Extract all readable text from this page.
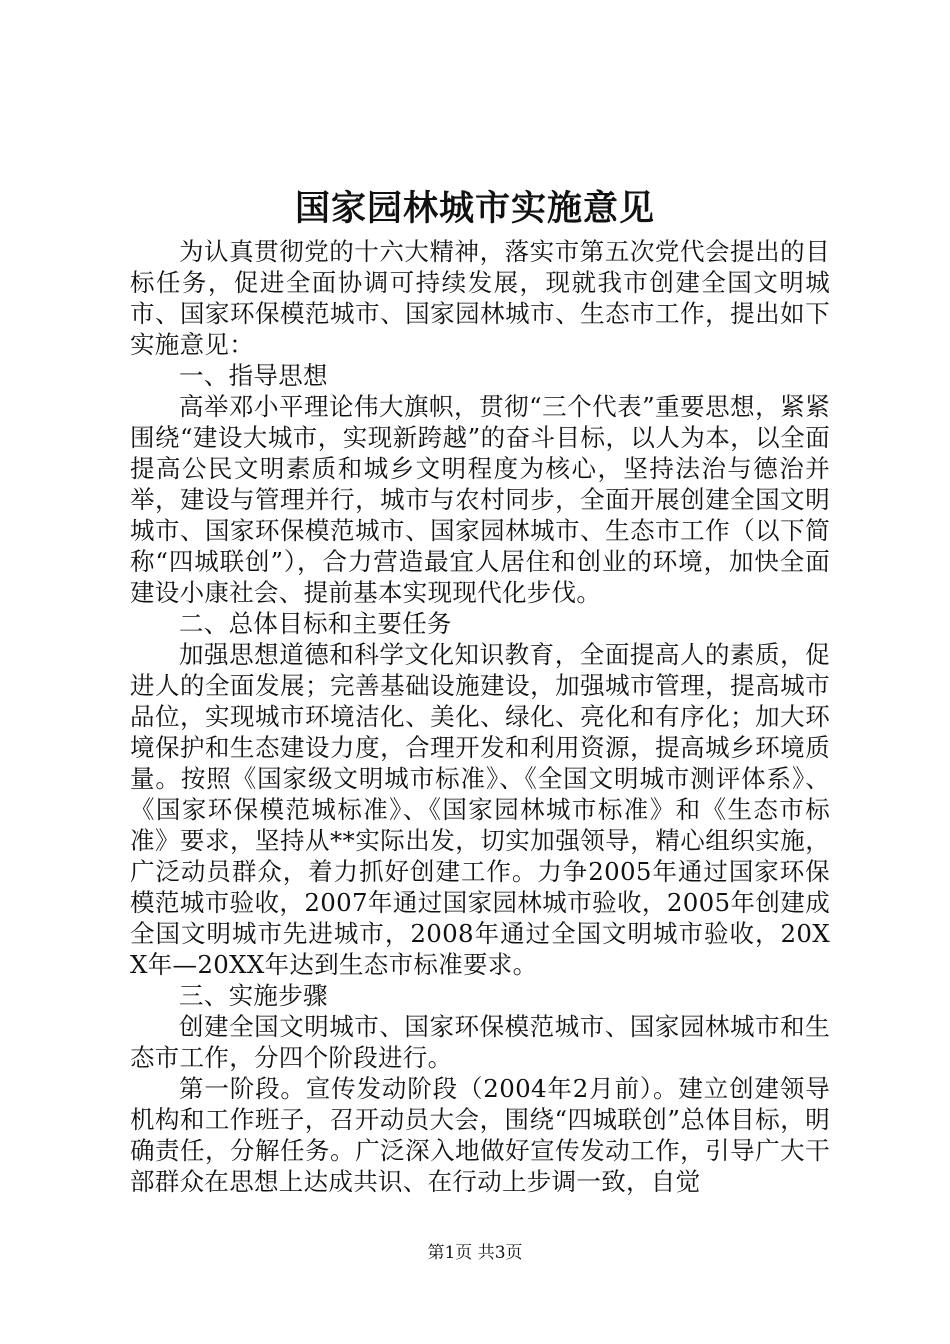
国家园林城市实施意见

为认真贯彻党的十六大精神，落实市第五次党代会提出的目标任务，促进全面协调可持续发展，现就我市创建全国文明城市、国家环保模范城市、国家园林城市、生态市工作，提出如下实施意见：

一、指导思想

高举邓小平理论伟大旗帜，贯彻“三个代表”重要思想，紧紧围绕“建设大城市，实现新跨越”的奋斗目标，以人为本，以全面提高公民文明素质和城乡文明程度为核心，坚持法治与德治并举，建设与管理并行，城市与农村同步，全面开展创建全国文明城市、国家环保模范城市、国家园林城市、生态市工作（以下简称“四城联创”），合力营造最宜人居住和创业的环境，加快全面建设小康社会、提前基本实现现代化步伐。

二、总体目标和主要任务

加强思想道德和科学文化知识教育，全面提高人的素质，促进人的全面发展；完善基础设施建设，加强城市管理，提高城市品位，实现城市环境洁化、美化、绿化、亮化和有序化；加大环境保护和生态建设力度，合理开发和利用资源，提高城乡环境质量。按照《国家级文明城市标准》、《全国文明城市测评体系》、《国家环保模范城标准》、《国家园林城市标准》和《生态市标准》要求，坚持从**实际出发，切实加强领导，精心组织实施，广泛动员群众，着力抓好创建工作。力争2005年通过国家环保模范城市验收，2007年通过国家园林城市验收，2005年创建成全国文明城市先进城市，2008年通过全国文明城市验收，20XX年—20XX年达到生态市标准要求。

三、实施步骤

创建全国文明城市、国家环保模范城市、国家园林城市和生态市工作，分四个阶段进行。

第一阶段。宣传发动阶段（2004年2月前）。建立创建领导机构和工作班子，召开动员大会，围绕“四城联创”总体目标，明确责任，分解任务。广泛深入地做好宣传发动工作，引导广大干部群众在思想上达成共识、在行动上步调一致，自觉

第1页 共3页
